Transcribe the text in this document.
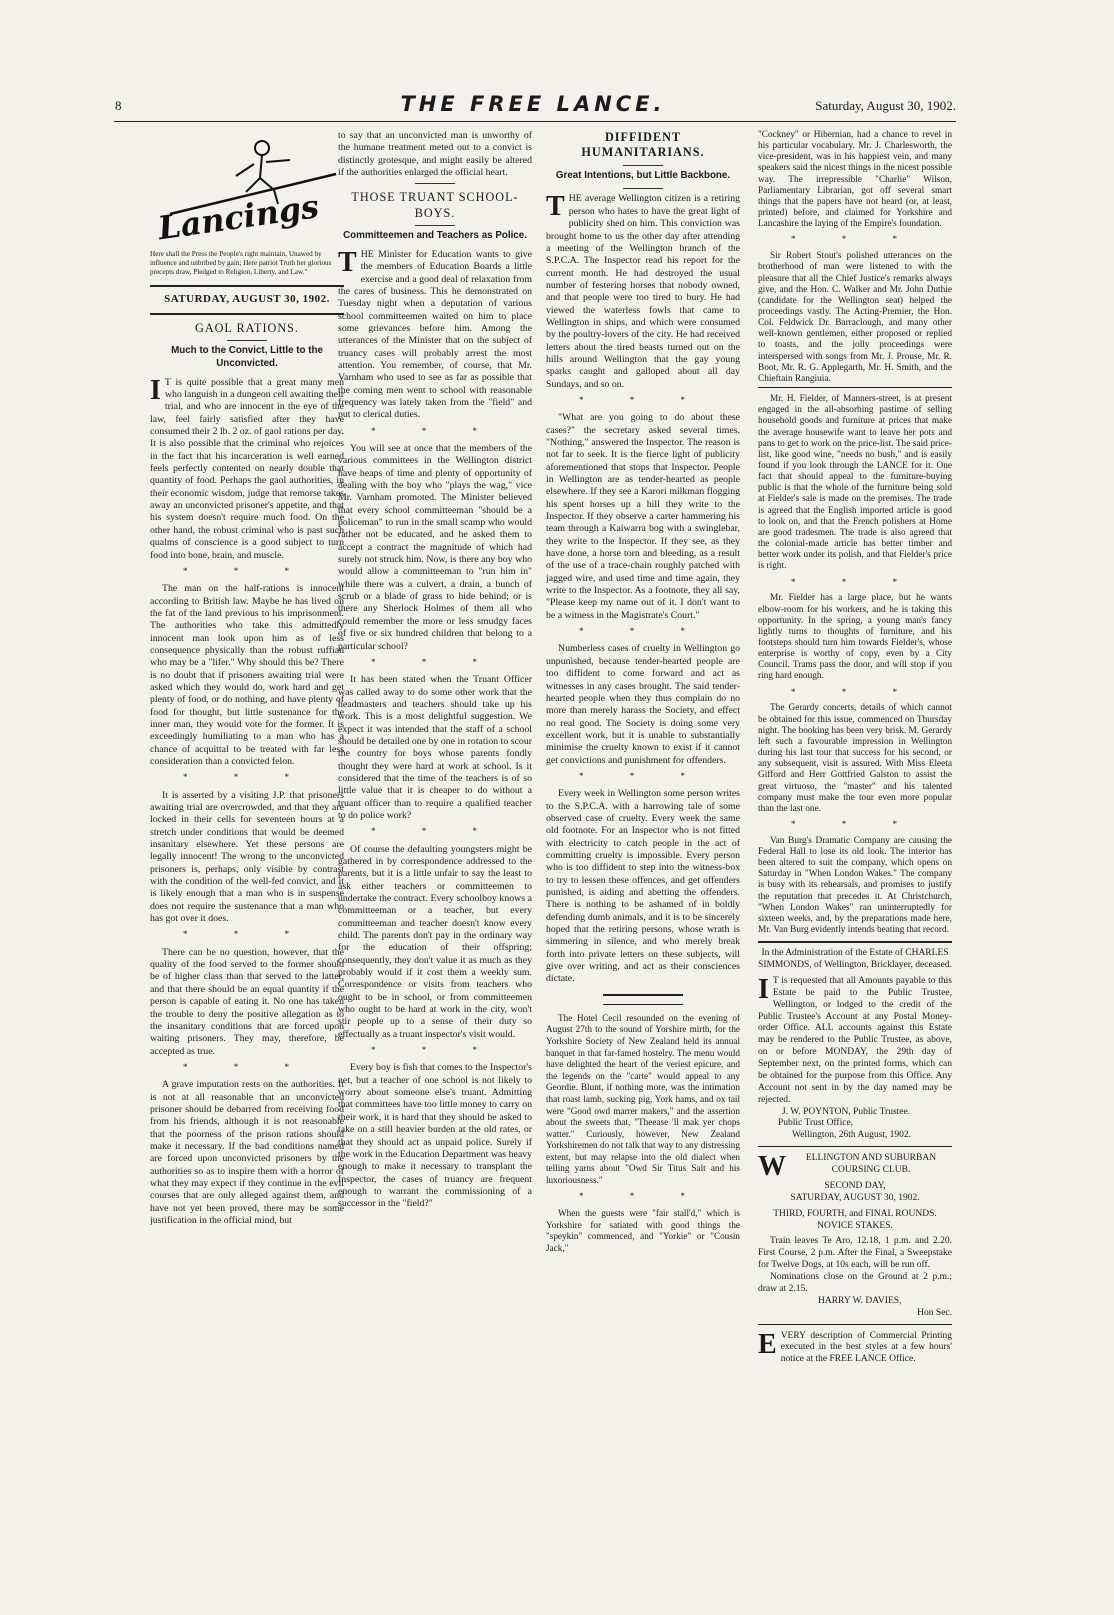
8	THE FREE LANCE.	Saturday, August 30, 1902.
Lancings
Here shall the Press the People's right maintain, Unawed by influence and unbribed by gain; Here patriot Truth her glorious precepts draw, Pledged to Religion, Liberty, and Law."
SATURDAY, AUGUST 30, 1902.
GAOL RATIONS.
Much to the Convict, Little to the Unconvicted.

I T is quite possible that a great many men who languish in a dungeon cell awaiting their trial, and who are innocent in the eye of the law, feel fairly satisfied after they have consumed their 2 lb. 2 oz. of gaol rations per day. It is also possible that the criminal who rejoices in the fact that his incarceration is well earned feels perfectly contented on nearly double that quantity of food. Perhaps the gaol authorities, in their economic wisdom, judge that remorse takes away an unconvicted prisoner's appetite, and that his system doesn't require much food. On the other hand, the robust criminal who is past such qualms of conscience is a good subject to turn food into bone, brain, and muscle.

* * *

The man on the half-rations is innocent according to British law. Maybe he has lived on the fat of the land previous to his imprisonment. The authorities who take this admittedly innocent man look upon him as of less consequence physically than the robust ruffian who may be a "lifer." Why should this be? There is no doubt that if prisoners awaiting trial were asked which they would do, work hard and get plenty of food, or do nothing, and have plenty of food for thought, but little sustenance for the inner man, they would vote for the former. It is exceedingly humiliating to a man who has a chance of acquittal to be treated with far less consideration than a convicted felon.

* * *

It is asserted by a visiting J.P. that prisoners awaiting trial are overcrowded, and that they are locked in their cells for seventeen hours at a stretch under conditions that would be deemed insanitary elsewhere. Yet these persons are legally innocent! The wrong to the unconvicted prisoners is, perhaps, only visible by contrast with the condition of the well-fed convict, and it is likely enough that a man who is in suspense does not require the sustenance that a man who has got over it does.

* * *

There can be no question, however, that the quality of the food served to the former should be of higher class than that served to the latter, and that there should be an equal quantity if the person is capable of eating it. No one has taken the trouble to deny the positive allegation as to the insanitary conditions that are forced upon waiting prisoners. They may, therefore, be accepted as true.

* * *

A grave imputation rests on the authorities. It is not at all reasonable that an unconvicted prisoner should be debarred from receiving food from his friends, although it is not reasonable that the poorness of the prison rations should make it necessary. If the bad conditions named are forced upon unconvicted prisoners by the authorities so as to inspire them with a horror of what they may expect if they continue in the evil courses that are only alleged against them, and have not yet been proved, there may be some justification in the official mind, but

to say that an unconvicted man is unworthy of the humane treatment meted out to a convict is distinctly grotesque, and might easily be altered if the authorities enlarged the official heart.

THOSE TRUANT SCHOOL-BOYS.
Committeemen and Teachers as Police.

THE Minister for Education wants to give the members of Education Boards a little exercise and a good deal of relaxation from the cares of business. This he demonstrated on Tuesday night when a deputation of various school committeemen waited on him to place some grievances before him. Among the utterances of the Minister that on the subject of truancy cases will probably arrest the most attention. You remember, of course, that Mr. Varnham who used to see as far as possible that the coming men went to school with reasonable frequency was lately taken from the "field" and put to clerical duties.

* * *

You will see at once that the members of the various committees in the Wellington district have heaps of time and plenty of opportunity of dealing with the boy who "plays the wag," vice Mr. Varnham promoted. The Minister believed that every school committeeman "should be a policeman" to run in the small scamp who would rather not be educated, and he asked them to accept a contract the magnitude of which had surely not struck him. Now, is there any boy who would allow a committeeman to "run him in" while there was a culvert, a drain, a bunch of scrub or a blade of grass to hide behind; or is there any Sherlock Holmes of them all who could remember the more or less smudgy faces of five or six hundred children that belong to a particular school?

* * *

It has been stated when the Truant Officer was called away to do some other work that the headmasters and teachers should take up his work. This is a most delightful suggestion. We expect it was intended that the staff of a school should be detailed one by one in rotation to scour the country for boys whose parents fondly thought they were hard at work at school. Is it considered that the time of the teachers is of so little value that it is cheaper to do without a truant officer than to require a qualified teacher to do police work?

* * *

Of course the defaulting youngsters might be gathered in by correspondence addressed to the parents, but it is a little unfair to say the least to ask either teachers or committeemen to undertake the contract. Every schoolboy knows a committeeman or a teacher, but every committeeman and teacher doesn't know every child. The parents don't pay in the ordinary way for the education of their offspring; consequently, they don't value it as much as they probably would if it cost them a weekly sum. Correspondence or visits from teachers who ought to be in school, or from committeemen who ought to be hard at work in the city, won't stir people up to a sense of their duty so effectually as a truant inspector's visit would.

* * *

Every boy is fish that comes to the Inspector's net, but a teacher of one school is not likely to worry about someone else's truant. Admitting that committees have too little money to carry on their work, it is hard that they should be asked to take on a still heavier burden at the old rates, or that they should act as unpaid police. Surely if the work in the Education Department was heavy enough to make it necessary to transplant the Inspector, the cases of truancy are frequent enough to warrant the commissioning of a successor in the "field?"

DIFFIDENT HUMANITARIANS.
Great Intentions, but Little Backbone.

THE average Wellington citizen is a retiring person who hates to have the great light of publicity shed on him. This conviction was brought home to us the other day after attending a meeting of the Wellington branch of the S.P.C.A. The Inspector read his report for the current month. He had destroyed the usual number of festering horses that nobody owned, and that people were too tired to bury. He had viewed the waterless fowls that came to Wellington in ships, and which were consumed by the poultry-lovers of the city. He had received letters about the tired beasts turned out on the hills around Wellington that the gay young sparks caught and galloped about all day Sundays, and so on.

* * *

"What are you going to do about these cases?" the secretary asked several times. "Nothing," answered the Inspector. The reason is not far to seek. It is the fierce light of publicity aforementioned that stops that Inspector. People in Wellington are as tender-hearted as people elsewhere. If they see a Karori milkman flogging his spent horses up a hill they write to the Inspector. If they observe a carter hammering his team through a Kaiwarra bog with a swinglebar, they write to the Inspector. If they see, as they have done, a horse torn and bleeding, as a result of the use of a trace-chain roughly patched with jagged wire, and used time and time again, they write to the Inspector. As a footnote, they all say, "Please keep my name out of it. I don't want to be a witness in the Magistrate's Court."

* * *

Numberless cases of cruelty in Wellington go unpunished, because tender-hearted people are too diffident to come forward and act as witnesses in any cases brought. The said tender-hearted people when they thus complain do no more than merely harass the Society, and effect no real good. The Society is doing some very excellent work, but it is unable to substantially minimise the cruelty known to exist if it cannot get convictions and punishment for offenders.

* * *

Every week in Wellington some person writes to the S.P.C.A. with a harrowing tale of some observed case of cruelty. Every week the same old footnote. For an Inspector who is not fitted with electricity to catch people in the act of committing cruelty is impossible. Every person who is too diffident to step into the witness-box to try to lessen these offences, and get offenders punished, is aiding and abetting the offenders. There is nothing to be ashamed of in boldly defending dumb animals, and it is to be sincerely hoped that the retiring persons, whose wrath is simmering in silence, and who merely break forth into private letters on these subjects, will give over writing, and act as their consciences dictate.

The Hotel Cecil resounded on the evening of August 27th to the sound of Yorshire mirth, for the Yorkshire Society of New Zealand held its annual banquet in that far-famed hostelry. The menu would have delighted the heart of the veriest epicure, and the legends on the "carte" would appeal to any Geordie. Blunt, if nothing more, was the intimation that roast lamb, sucking pig, York hams, and ox tail were "Good owd marrer makers," and the assertion about the sweets that, "Theease 'll mak yer chops watter." Curiously, however, New Zealand Yorkshiremen do not talk that way to any distressing extent, but may relapse into the old dialect when telling yarns about "Owd Sir Titus Salt and his luxoriousness."

* * *

When the guests were "fair stall'd," which is Yorkshire for satiated with good things the "speykin" commenced, and "Yorkie" or "Cousin Jack,"

"Cockney" or Hibernian, had a chance to revel in his particular vocabulary. Mr. J. Charlesworth, the vice-president, was in his happiest vein, and many speakers said the nicest things in the nicest possible way. The irrepressible "Charlie" Wilson, Parliamentary Librarian, got off several smart things that the papers have not heard (or, at least, printed) before, and claimed for Yorkshire and Lancashire the laying of the Empire's foundation.

* * *

Sir Robert Stout's polished utterances on the brotherhood of man were listened to with the pleasure that all the Chief Justice's remarks always give, and the Hon. C. Walker and Mr. John Duthie (candidate for the Wellington seat) helped the proceedings vastly. The Acting-Premier, the Hon. Col. Feldwick Dr. Barraclough, and many other well-known gentlemen, either proposed or replied to toasts, and the jolly proceedings were interspersed with songs from Mr. J. Prouse, Mr. R. Boot, Mr. R. G. Applegarth, Mr. H. Smith, and the Chieftain Rangiuia.

Mr. H. Fielder, of Manners-street, is at present engaged in the all-absorbing pastime of selling household goods and furniture at prices that make the average housewife want to leave her pots and pans to get to work on the price-list. The said price-list, like good wine, "needs no bush," and is easily found if you look through the LANCE for it. One fact that should appeal to the furniture-buying public is that the whole of the furniture being sold at Fielder's sale is made on the premises. The trade is agreed that the English imported article is good to look on, and that the French polishers at Home are good tradesmen. The trade is also agreed that the colonial-made article has better timber and better work under its polish, and that Fielder's price is right.

* * *

Mr. Fielder has a large place, but he wants elbow-room for his workers, and he is taking this opportunity. In the spring, a young man's fancy lightly turns to thoughts of furniture, and his footsteps should turn him towards Fielder's, whose enterprise is worthy of copy, even by a City Council. Trams pass the door, and will stop if you ring hard enough.

* * *

The Gerardy concerts, details of which cannot be obtained for this issue, commenced on Thursday night. The booking has been very brisk. M. Gerardy left such a favourable impression in Wellington during his last tour that success for his second, or any subsequent, visit is assured. With Miss Eleeta Gifford and Herr Gottfried Galston to assist the great virtuoso, the "master" and his talented company must make the tour even more popular than the last one.

* * *

Van Burg's Dramatic Company are causing the Federal Hall to lose its old look. The interior has been altered to suit the company, which opens on Saturday in "When London Wakes." The company is busy with its rehearsals, and promises to justify the reputation that precedes it. At Christchurch, "When London Wakes" ran uninterruptedly for sixteen weeks, and, by the preparations made here, Mr. Van Burg evidently intends beating that record.

In the Administration of the Estate of CHARLES SIMMONDS, of Wellington, Bricklayer, deceased.

I T is requested that all Amounts payable to this Estate be paid to the Public Trustee, Wellington, or lodged to the credit of the Public Trustee's Account at any Postal Money-order Office. ALL accounts against this Estate may be rendered to the Public Trustee, as above, on or before MONDAY, the 29th day of September next, on the printed forms, which can be obtained for the purpose from this Office. Any Account not sent in by the day named may be rejected.

J. W. POYNTON, Public Trustee.

Public Trust Office,

Wellington, 26th August, 1902.

W ELLINGTON AND SUBURBAN COURSING CLUB.

SECOND DAY,

SATURDAY, AUGUST 30, 1902.

THIRD, FOURTH, and FINAL ROUNDS.

NOVICE STAKES.

Train leaves Te Aro, 12.18, 1 p.m. and 2.20. First Course, 2 p.m. After the Final, a Sweepstake for Twelve Dogs, at 10s each, will be run off.

Nominations close on the Ground at 2 p.m.; draw at 2.15.

HARRY W. DAVIES,

Hon Sec.

EVERY description of Commercial Printing executed in the best styles at a few hours' notice at the FREE LANCE Office.
